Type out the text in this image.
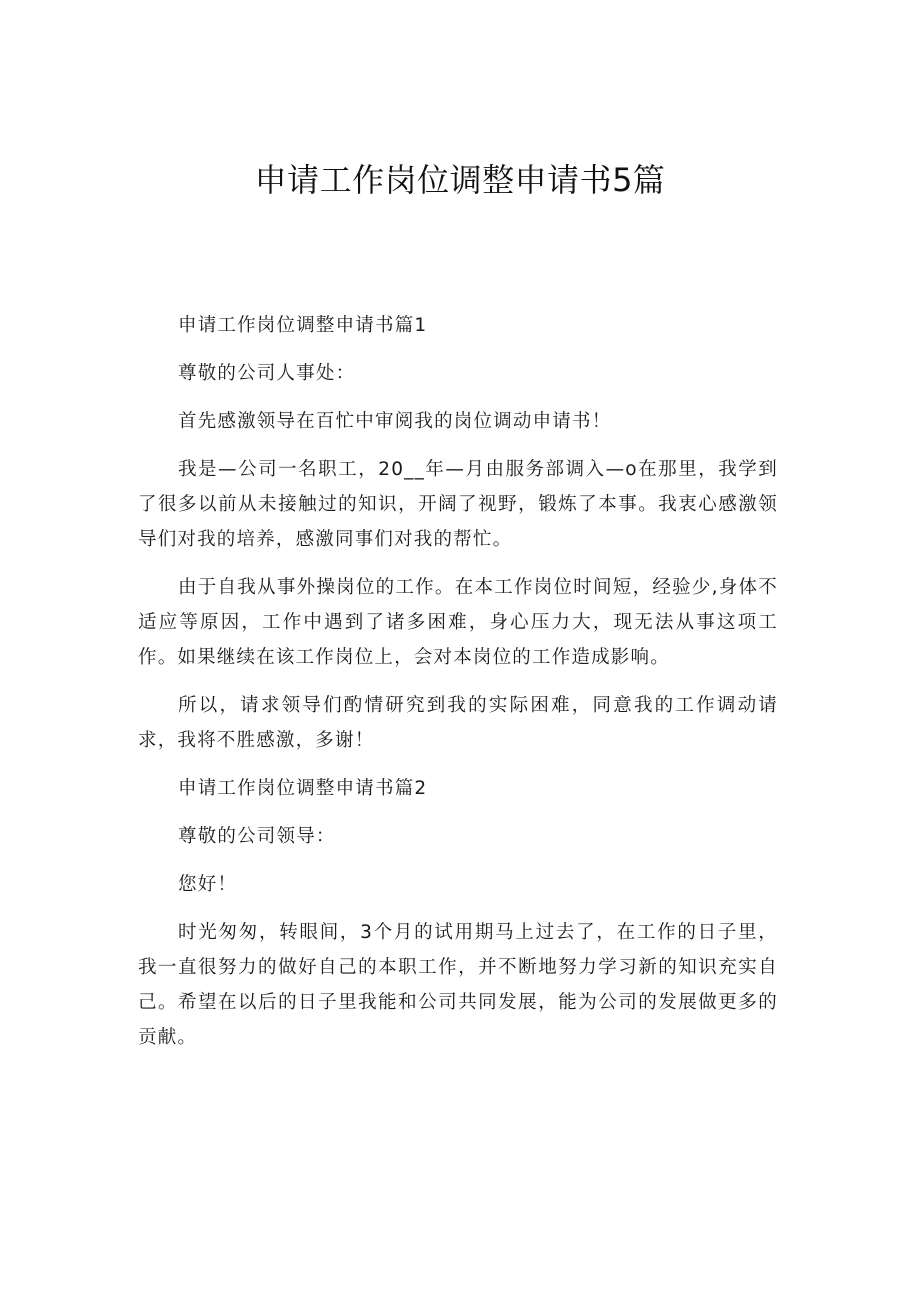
申请工作岗位调整申请书5篇

申请工作岗位调整申请书篇1

尊敬的公司人事处：

首先感激领导在百忙中审阅我的岗位调动申请书！

我是—公司一名职工，20__年—月由服务部调入—o在那里，我学到了很多以前从未接触过的知识，开阔了视野，锻炼了本事。我衷心感激领导们对我的培养，感激同事们对我的帮忙。

由于自我从事外操岗位的工作。在本工作岗位时间短，经验少,身体不适应等原因，工作中遇到了诸多困难，身心压力大，现无法从事这项工作。如果继续在该工作岗位上，会对本岗位的工作造成影响。

所以，请求领导们酌情研究到我的实际困难，同意我的工作调动请求，我将不胜感激，多谢！

申请工作岗位调整申请书篇2

尊敬的公司领导：

您好！

时光匆匆，转眼间，3个月的试用期马上过去了，在工作的日子里，我一直很努力的做好自己的本职工作，并不断地努力学习新的知识充实自己。希望在以后的日子里我能和公司共同发展，能为公司的发展做更多的贡献。
